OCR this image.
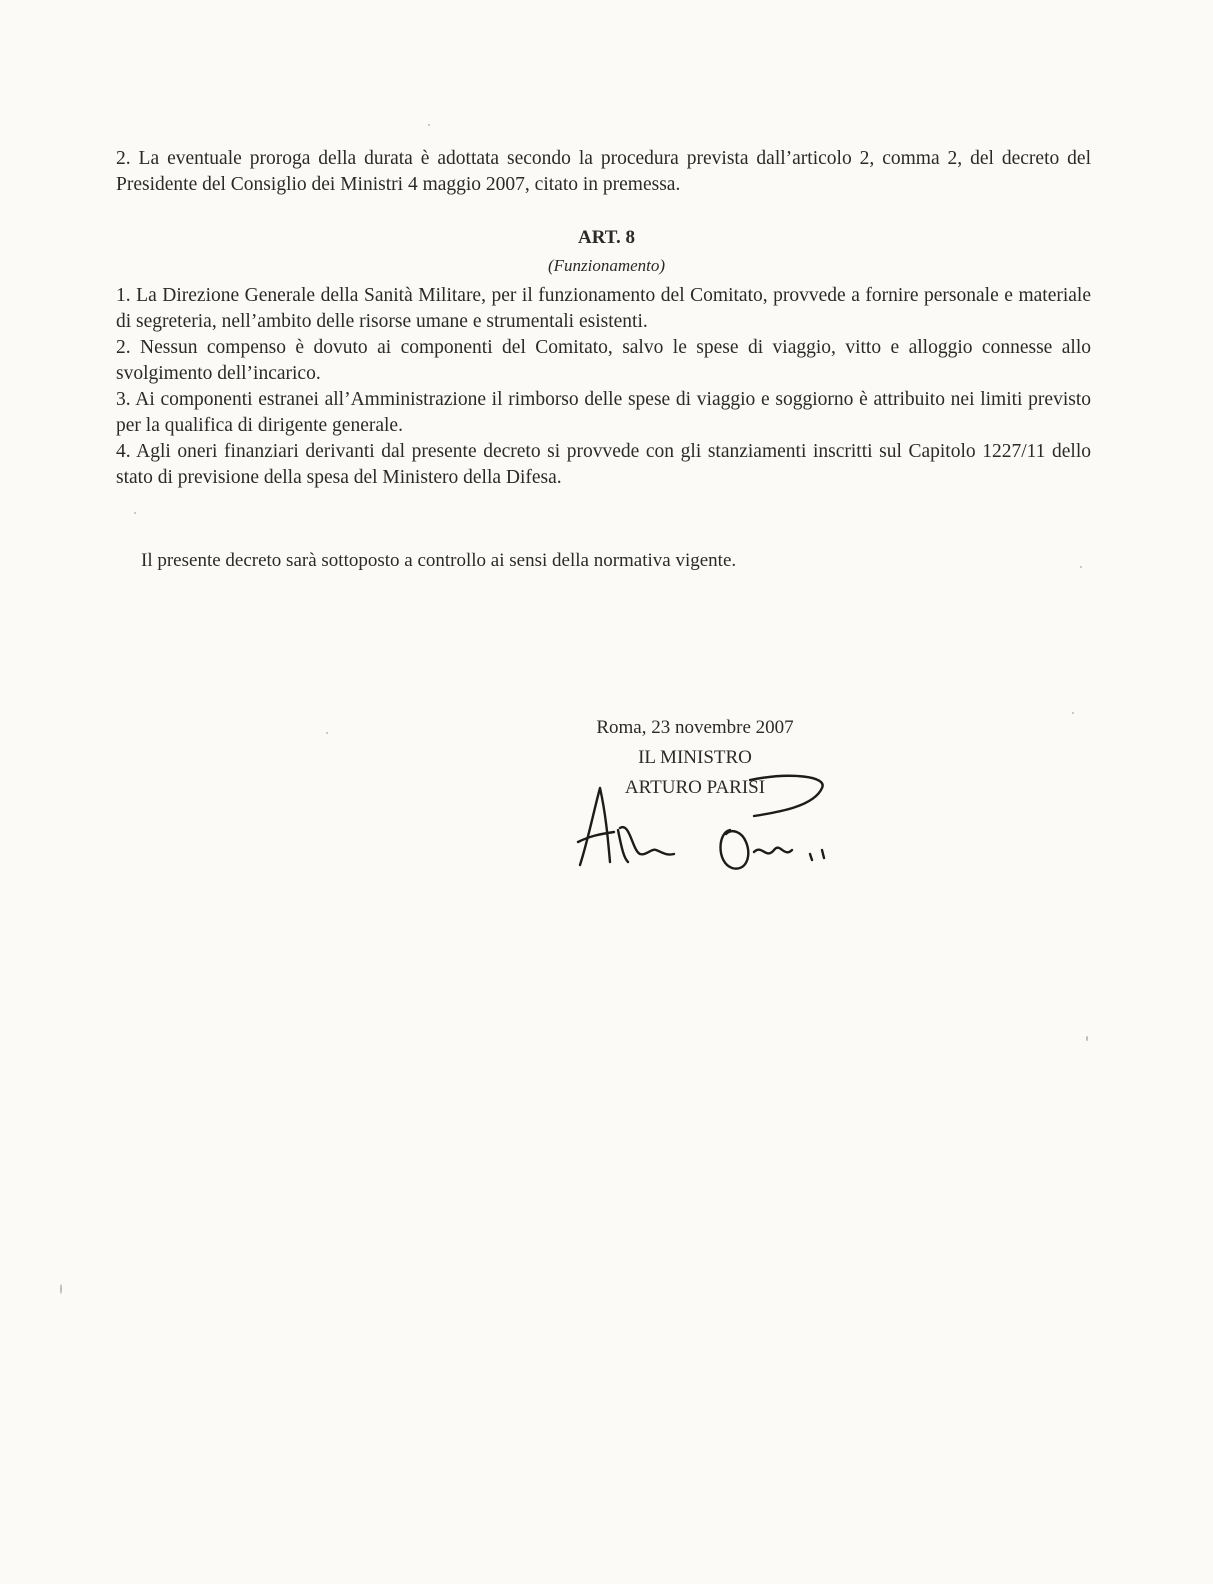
2. La eventuale proroga della durata è adottata secondo la procedura prevista dall’articolo 2, comma 2, del decreto del Presidente del Consiglio dei Ministri 4 maggio 2007, citato in premessa.

ART. 8
(Funzionamento)

1. La Direzione Generale della Sanità Militare, per il funzionamento del Comitato, provvede a fornire personale e materiale di segreteria, nell’ambito delle risorse umane e strumentali esistenti.

2. Nessun compenso è dovuto ai componenti del Comitato, salvo le spese di viaggio, vitto e alloggio connesse allo svolgimento dell’incarico.

3. Ai componenti estranei all’Amministrazione il rimborso delle spese di viaggio e soggiorno è attribuito nei limiti previsto per la qualifica di dirigente generale.

4. Agli oneri finanziari derivanti dal presente decreto si provvede con gli stanziamenti inscritti sul Capitolo 1227/11 dello stato di previsione della spesa del Ministero della Difesa.

Il presente decreto sarà sottoposto a controllo ai sensi della normativa vigente.
Roma, 23 novembre 2007
IL MINISTRO
ARTURO PARISI
